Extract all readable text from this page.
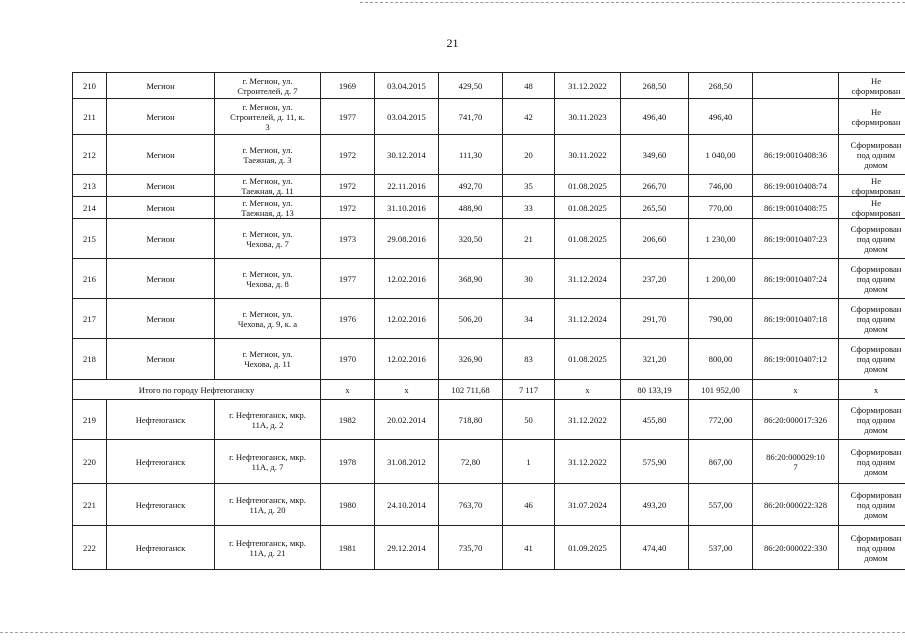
21
210	Мегион	г. Мегион, ул.
Строителей, д. 7	1969	03.04.2015	429,50	48	31.12.2022	268,50	268,50		Не
сформирован
211	Мегион	г. Мегион, ул.
Строителей, д. 11, к.
3	1977	03.04.2015	741,70	42	30.11.2023	496,40	496,40		Не
сформирован
212	Мегион	г. Мегион, ул.
Таежная, д. 3	1972	30.12.2014	111,30	20	30.11.2022	349,60	1 040,00	86:19:0010408:36	Сформирован
под одним
домом
213	Мегион	г. Мегион, ул.
Таежная, д. 11	1972	22.11.2016	492,70	35	01.08.2025	266,70	746,00	86:19:0010408:74	Не
сформирован
214	Мегион	г. Мегион, ул.
Таежная, д. 13	1972	31.10.2016	488,90	33	01.08.2025	265,50	770,00	86:19:0010408:75	Не
сформирован
215	Мегион	г. Мегион, ул.
Чехова, д. 7	1973	29.08.2016	320,50	21	01.08.2025	206,60	1 230,00	86:19:0010407:23	Сформирован
под одним
домом
216	Мегион	г. Мегион, ул.
Чехова, д. 8	1977	12.02.2016	368,90	30	31.12.2024	237,20	1 200,00	86:19:0010407:24	Сформирован
под одним
домом
217	Мегион	г. Мегион, ул.
Чехова, д. 9, к. а	1976	12.02.2016	506,20	34	31.12.2024	291,70	790,00	86:19:0010407:18	Сформирован
под одним
домом
218	Мегион	г. Мегион, ул.
Чехова, д. 11	1970	12.02.2016	326,90	83	01.08.2025	321,20	800,00	86:19:0010407:12	Сформирован
под одним
домом
Итого по городу Нефтеюганску			x	x	102 711,68	7 117	x	80 133,19	101 952,00	x	x
219	Нефтеюганск	г. Нефтеюганск, мкр.
11А, д. 2	1982	20.02.2014	718,80	50	31.12.2022	455,80	772,00	86:20:000017:326	Сформирован
под одним
домом
220	Нефтеюганск	г. Нефтеюганск, мкр.
11А, д. 7	1978	31.08.2012	72,80	1	31.12.2022	575,90	867,00	86:20:000029:10
7	Сформирован
под одним
домом
221	Нефтеюганск	г. Нефтеюганск, мкр.
11А, д. 20	1980	24.10.2014	763,70	46	31.07.2024	493,20	557,00	86:20:000022:328	Сформирован
под одним
домом
222	Нефтеюганск	г. Нефтеюганск, мкр.
11А, д. 21	1981	29.12.2014	735,70	41	01.09.2025	474,40	537,00	86:20:000022:330	Сформирован
под одним
домом
